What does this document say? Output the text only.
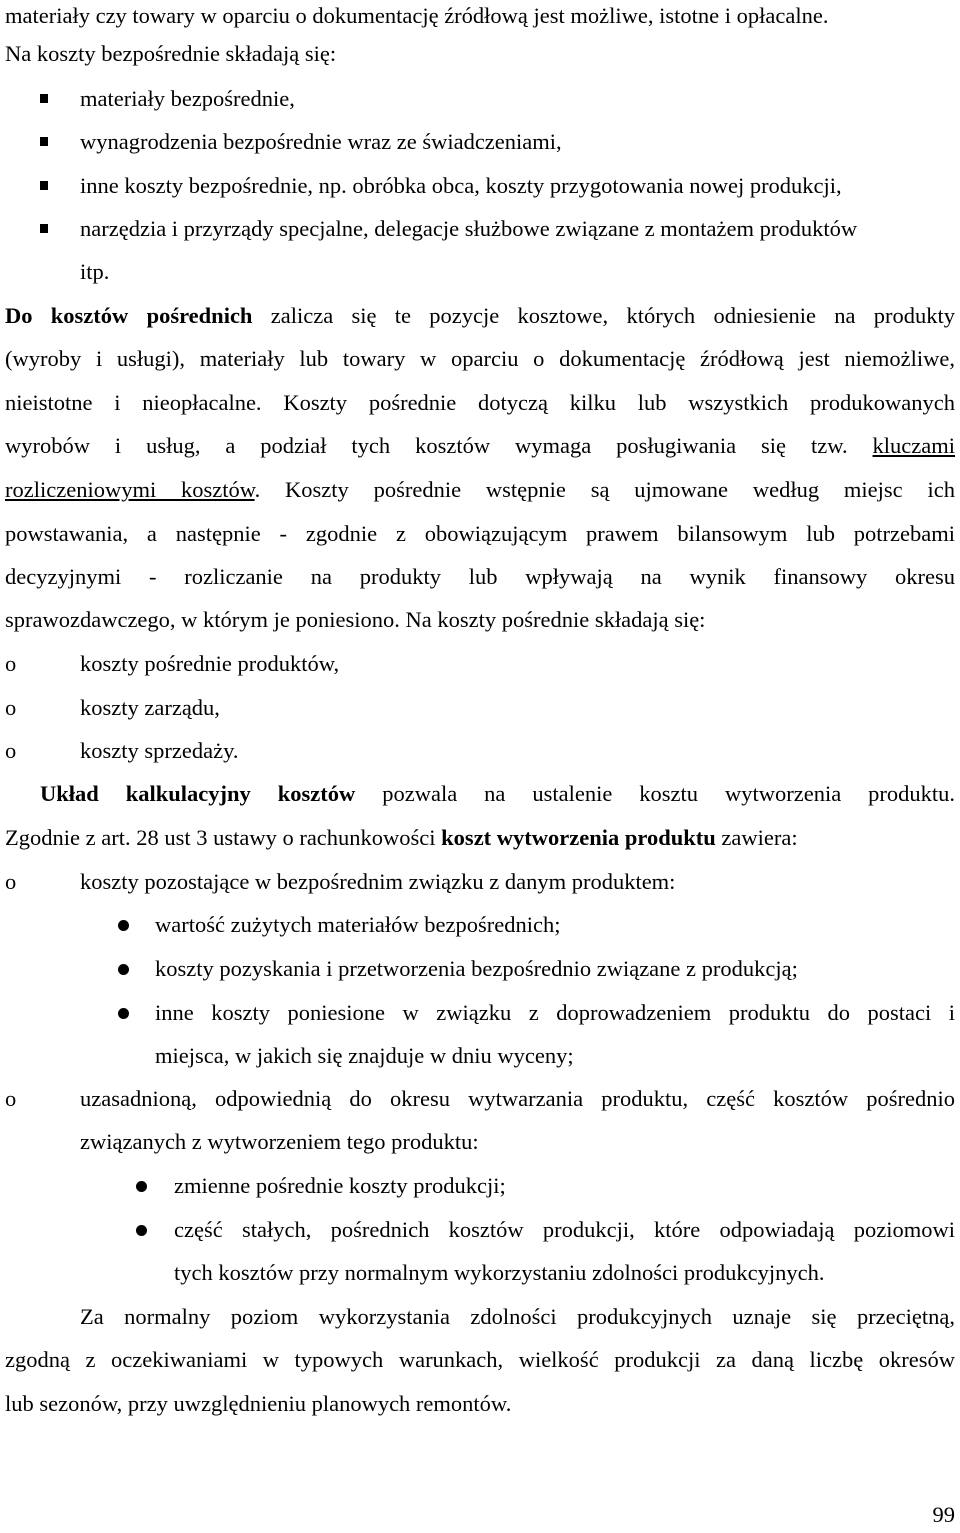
materiały czy towary w oparciu o dokumentację źródłową jest możliwe, istotne i opłacalne.
Na koszty bezpośrednie składają się:
materiały bezpośrednie,
wynagrodzenia bezpośrednie wraz ze świadczeniami,
inne koszty bezpośrednie, np. obróbka obca, koszty przygotowania nowej produkcji,
narzędzia i przyrządy specjalne, delegacje służbowe związane z montażem produktów
itp.
Do kosztów pośrednich zalicza się te pozycje kosztowe, których odniesienie na produkty
(wyroby i usługi), materiały lub towary w oparciu o dokumentację źródłową jest niemożliwe,
nieistotne i nieopłacalne. Koszty pośrednie dotyczą kilku lub wszystkich produkowanych
wyrobów i usług, a podział tych kosztów wymaga posługiwania się tzw. kluczami
rozliczeniowymi kosztów. Koszty pośrednie wstępnie są ujmowane według miejsc ich
powstawania, a następnie - zgodnie z obowiązującym prawem bilansowym lub potrzebami
decyzyjnymi - rozliczanie na produkty lub wpływają na wynik finansowy okresu
sprawozdawczego, w którym je poniesiono. Na koszty pośrednie składają się:
o	koszty pośrednie produktów,
o	koszty zarządu,
o	koszty sprzedaży.
Układ kalkulacyjny kosztów pozwala na ustalenie kosztu wytworzenia produktu.
Zgodnie z art. 28 ust 3 ustawy o rachunkowości koszt wytworzenia produktu zawiera:
o	koszty pozostające w bezpośrednim związku z danym produktem:
wartość zużytych materiałów bezpośrednich;
koszty pozyskania i przetworzenia bezpośrednio związane z produkcją;
inne koszty poniesione w związku z doprowadzeniem produktu do postaci i
miejsca, w jakich się znajduje w dniu wyceny;
o	uzasadnioną, odpowiednią do okresu wytwarzania produktu, część kosztów pośrednio
związanych z wytworzeniem tego produktu:
zmienne pośrednie koszty produkcji;
część stałych, pośrednich kosztów produkcji, które odpowiadają poziomowi
tych kosztów przy normalnym wykorzystaniu zdolności produkcyjnych.
Za normalny poziom wykorzystania zdolności produkcyjnych uznaje się przeciętną,
zgodną z oczekiwaniami w typowych warunkach, wielkość produkcji za daną liczbę okresów
lub sezonów, przy uwzględnieniu planowych remontów.
99
